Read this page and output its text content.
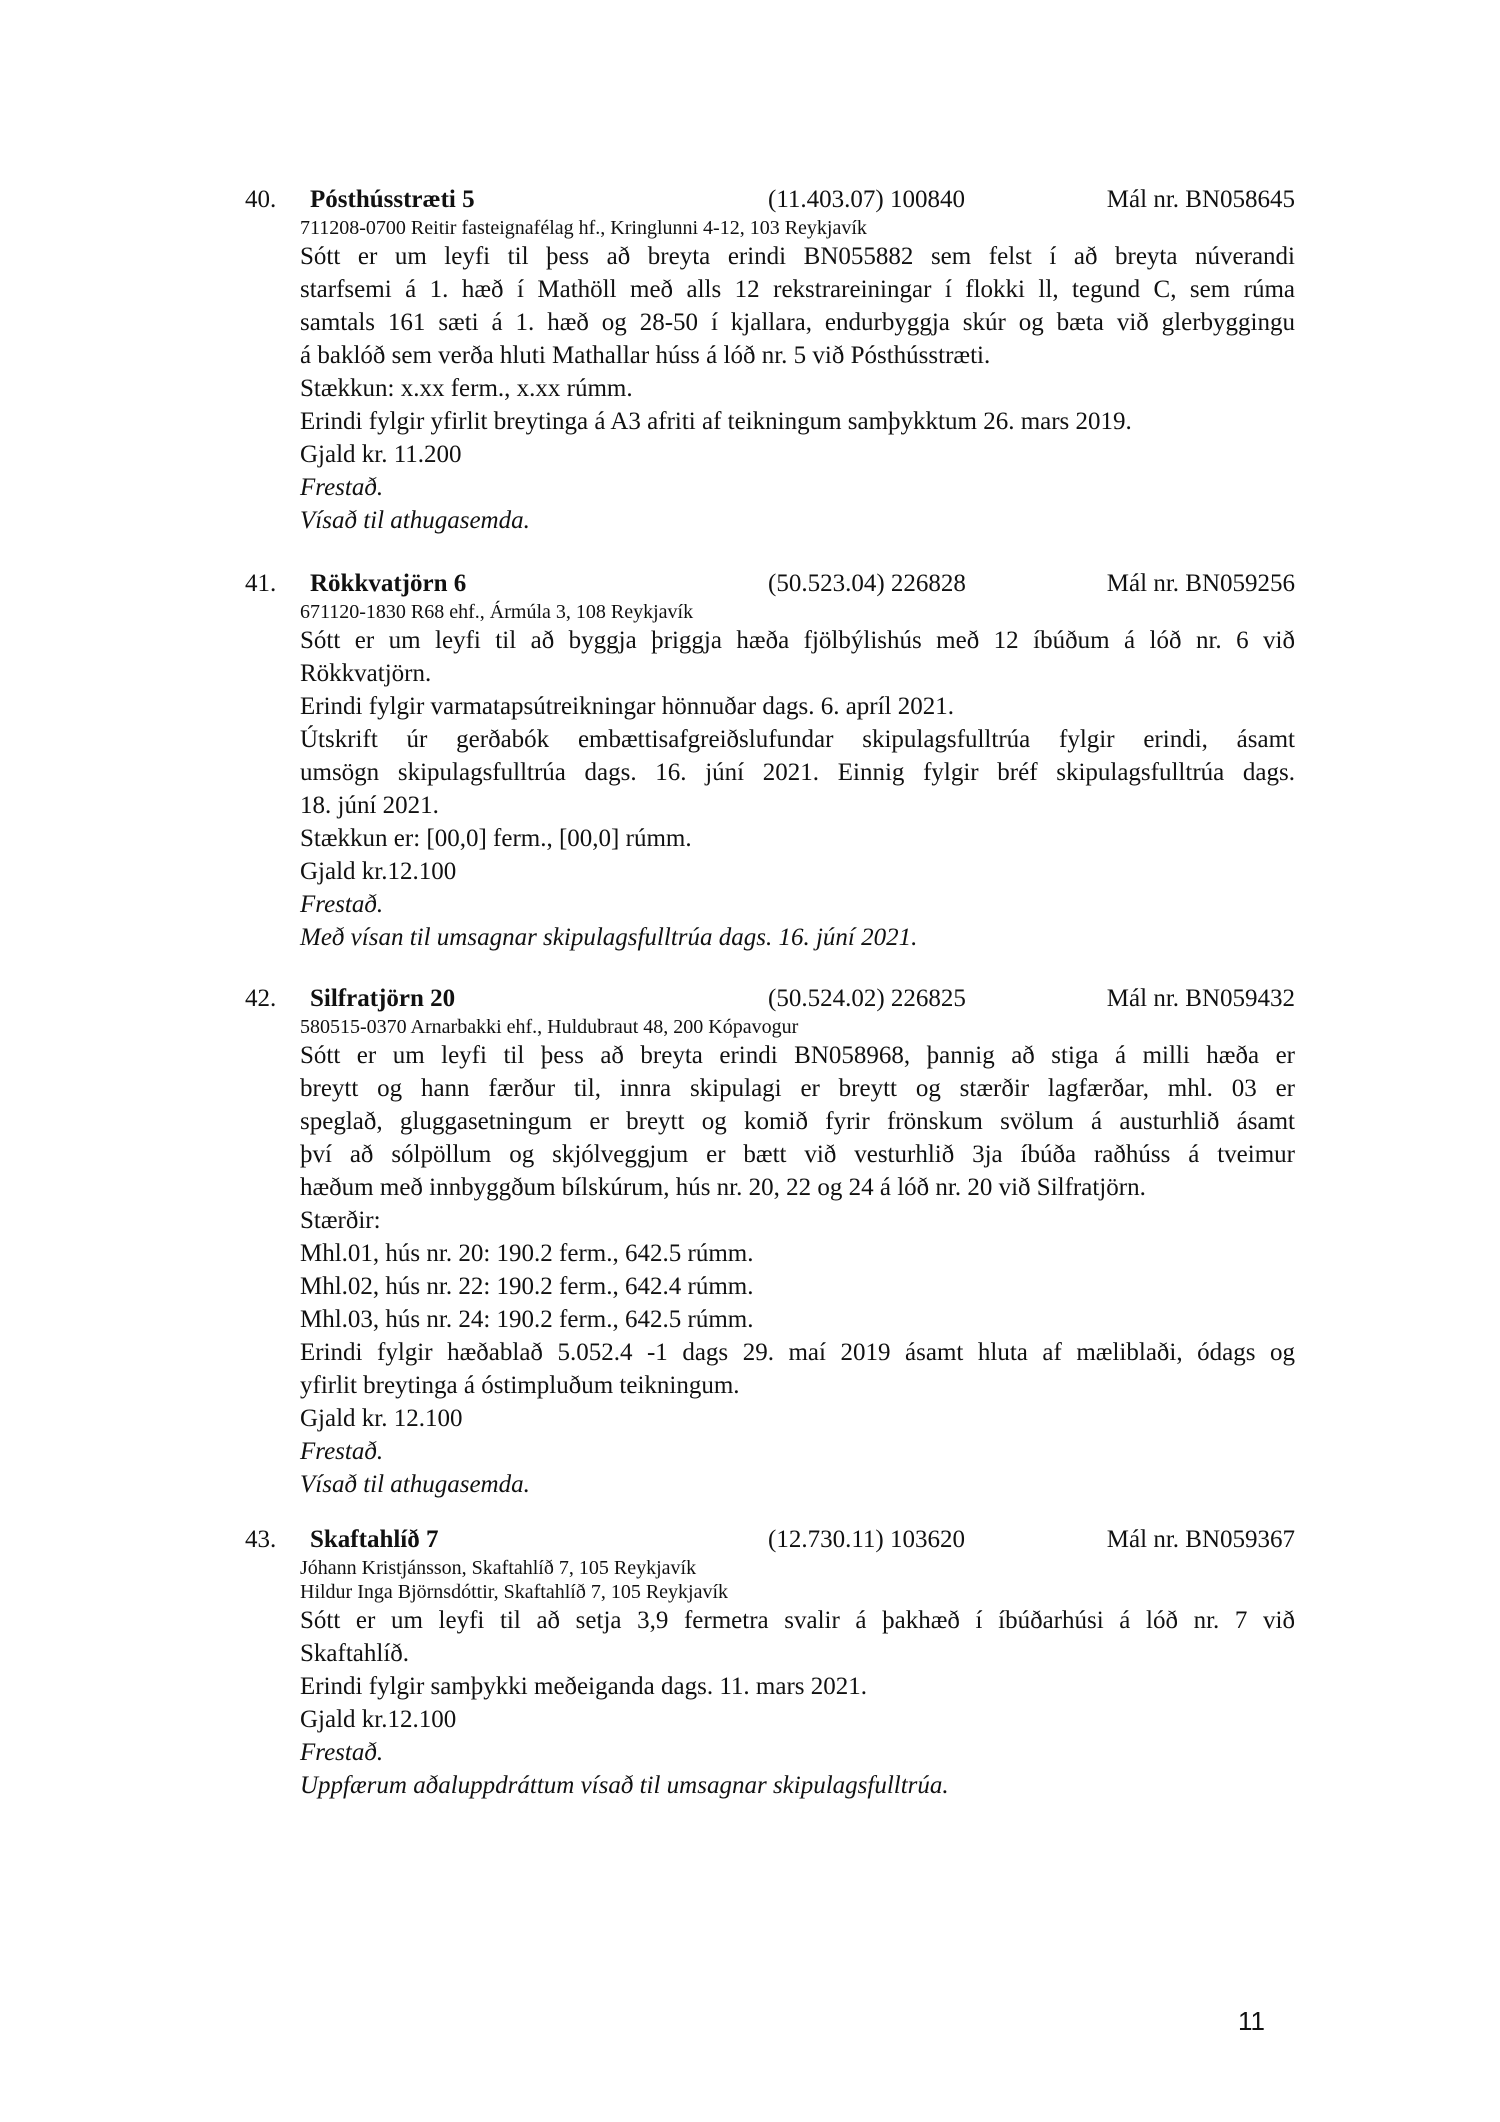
40. Pósthússtræti 5	(11.403.07) 100840	Mál nr. BN058645
711208-0700 Reitir fasteignafélag hf., Kringlunni 4-12, 103 Reykjavík
Sótt er um leyfi til þess að breyta erindi BN055882 sem felst í að breyta núverandi
starfsemi á 1. hæð í Mathöll með alls 12 rekstrareiningar í flokki ll, tegund C, sem rúma
samtals 161 sæti á 1. hæð og 28-50 í kjallara, endurbyggja skúr og bæta við glerbyggingu
á baklóð sem verða hluti Mathallar húss á lóð nr. 5 við Pósthússtræti.
Stækkun: x.xx ferm., x.xx rúmm.
Erindi fylgir yfirlit breytinga á A3 afriti af teikningum samþykktum 26. mars 2019.
Gjald kr. 11.200
Frestað.
Vísað til athugasemda.
41. Rökkvatjörn 6	(50.523.04) 226828	Mál nr. BN059256
671120-1830 R68 ehf., Ármúla 3, 108 Reykjavík
Sótt er um leyfi til að byggja þriggja hæða fjölbýlishús með 12 íbúðum á lóð nr. 6 við
Rökkvatjörn.
Erindi fylgir varmatapsútreikningar hönnuðar dags. 6. apríl 2021.
Útskrift úr gerðabók embættisafgreiðslufundar skipulagsfulltrúa fylgir erindi, ásamt
umsögn skipulagsfulltrúa dags. 16. júní 2021. Einnig fylgir bréf skipulagsfulltrúa dags.
18. júní 2021.
Stækkun er: [00,0] ferm., [00,0] rúmm.
Gjald kr.12.100
Frestað.
Með vísan til umsagnar skipulagsfulltrúa dags. 16. júní 2021.
42. Silfratjörn 20	(50.524.02) 226825	Mál nr. BN059432
580515-0370 Arnarbakki ehf., Huldubraut 48, 200 Kópavogur
Sótt er um leyfi til þess að breyta erindi BN058968, þannig að stiga á milli hæða er
breytt og hann færður til, innra skipulagi er breytt og stærðir lagfærðar, mhl. 03 er
speglað, gluggasetningum er breytt og komið fyrir frönskum svölum á austurhlið ásamt
því að sólpöllum og skjólveggjum er bætt við vesturhlið 3ja íbúða raðhúss á tveimur
hæðum með innbyggðum bílskúrum, hús nr. 20, 22 og 24 á lóð nr. 20 við Silfratjörn.
Stærðir:
Mhl.01, hús nr. 20: 190.2 ferm., 642.5 rúmm.
Mhl.02, hús nr. 22: 190.2 ferm., 642.4 rúmm.
Mhl.03, hús nr. 24: 190.2 ferm., 642.5 rúmm.
Erindi fylgir hæðablað 5.052.4 -1 dags 29. maí 2019 ásamt hluta af mæliblaði, ódags og
yfirlit breytinga á óstimpluðum teikningum.
Gjald kr. 12.100
Frestað.
Vísað til athugasemda.
43. Skaftahlíð 7	(12.730.11) 103620	Mál nr. BN059367
Jóhann Kristjánsson, Skaftahlíð 7, 105 Reykjavík
Hildur Inga Björnsdóttir, Skaftahlíð 7, 105 Reykjavík
Sótt er um leyfi til að setja 3,9 fermetra svalir á þakhæð í íbúðarhúsi á lóð nr. 7 við
Skaftahlíð.
Erindi fylgir samþykki meðeiganda dags. 11. mars 2021.
Gjald kr.12.100
Frestað.
Uppfærum aðaluppdráttum vísað til umsagnar skipulagsfulltrúa.
11
